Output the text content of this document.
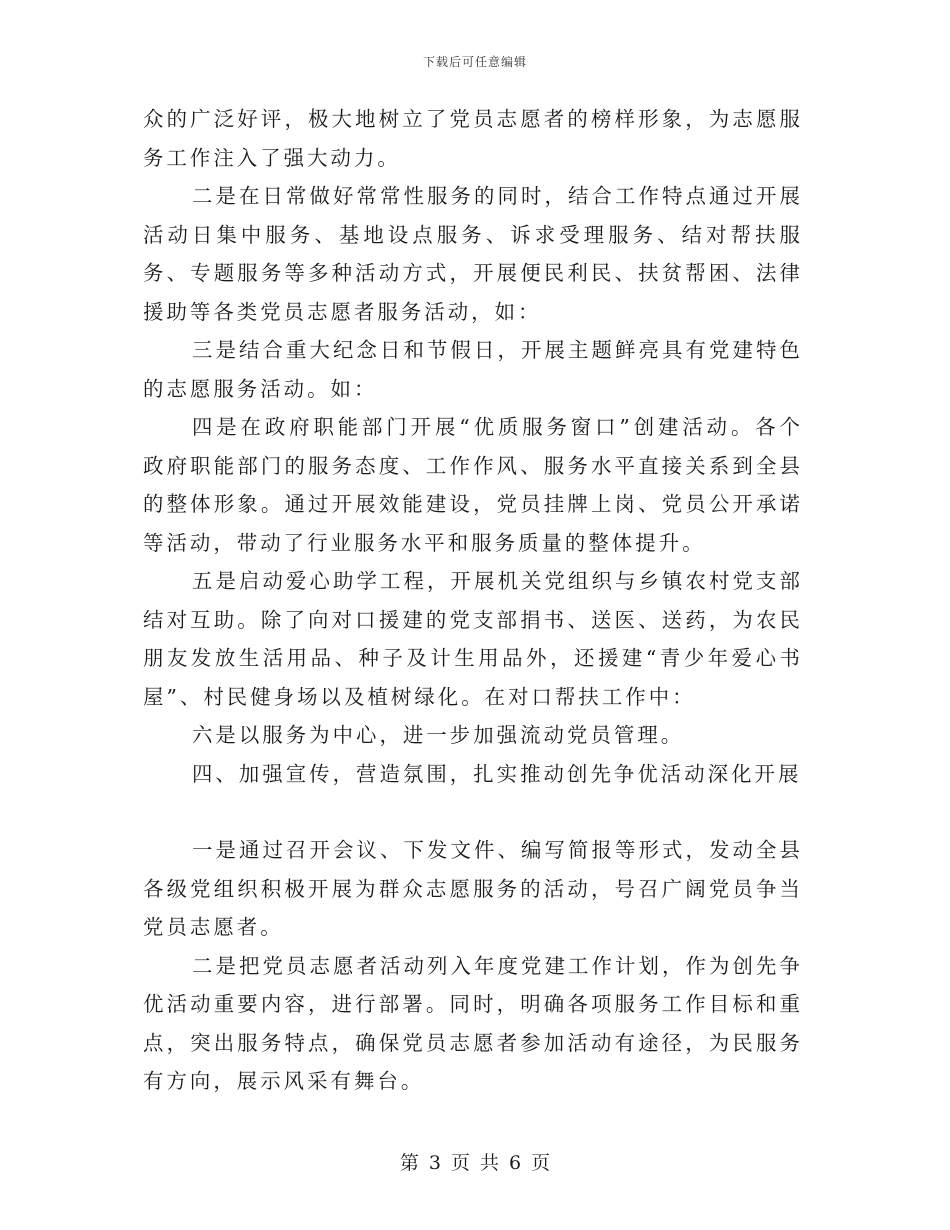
下载后可任意编辑

众的广泛好评，极大地树立了党员志愿者的榜样形象，为志愿服务工作注入了强大动力。

二是在日常做好常常性服务的同时，结合工作特点通过开展活动日集中服务、基地设点服务、诉求受理服务、结对帮扶服务、专题服务等多种活动方式，开展便民利民、扶贫帮困、法律援助等各类党员志愿者服务活动，如：

三是结合重大纪念日和节假日，开展主题鲜亮具有党建特色的志愿服务活动。如：

四是在政府职能部门开展“优质服务窗口”创建活动。各个政府职能部门的服务态度、工作作风、服务水平直接关系到全县的整体形象。通过开展效能建设，党员挂牌上岗、党员公开承诺等活动，带动了行业服务水平和服务质量的整体提升。

五是启动爱心助学工程，开展机关党组织与乡镇农村党支部结对互助。除了向对口援建的党支部捐书、送医、送药，为农民朋友发放生活用品、种子及计生用品外，还援建“青少年爱心书屋”、村民健身场以及植树绿化。在对口帮扶工作中：

六是以服务为中心，进一步加强流动党员管理。

四、加强宣传，营造氛围，扎实推动创先争优活动深化开展

一是通过召开会议、下发文件、编写简报等形式，发动全县各级党组织积极开展为群众志愿服务的活动，号召广阔党员争当党员志愿者。

二是把党员志愿者活动列入年度党建工作计划，作为创先争优活动重要内容，进行部署。同时，明确各项服务工作目标和重点，突出服务特点，确保党员志愿者参加活动有途径，为民服务有方向，展示风采有舞台。

第 3 页 共 6 页
